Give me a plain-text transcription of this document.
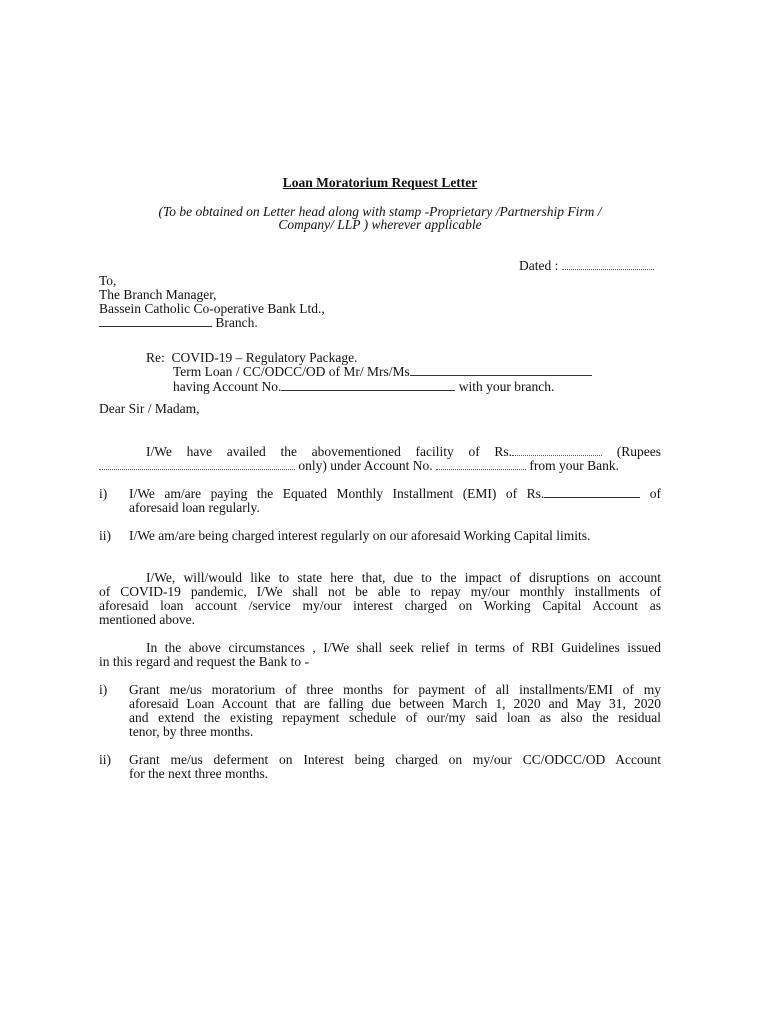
Loan Moratorium Request Letter
(To be obtained on Letter head along with stamp -Proprietary /Partnership Firm /
Company/ LLP ) wherever applicable
Dated :
To,
The Branch Manager,
Bassein Catholic Co-operative Bank Ltd.,
Branch.
Re: COVID-19 – Regulatory Package.
Term Loan / CC/ODCC/OD of Mr/ Mrs/Ms
having Account No.	with your branch.
Dear Sir / Madam,
I/We have availed the abovementioned facility of Rs.	(Rupees
only) under Account No.	from your Bank.
i) I/We am/are paying the Equated Monthly Installment (EMI) of Rs.	of
aforesaid loan regularly.
ii) I/We am/are being charged interest regularly on our aforesaid Working Capital limits.
I/We, will/would like to state here that, due to the impact of disruptions on account
of COVID-19 pandemic, I/We shall not be able to repay my/our monthly installments of
aforesaid loan account /service my/our interest charged on Working Capital Account as
mentioned above.
In the above circumstances , I/We shall seek relief in terms of RBI Guidelines issued
in this regard and request the Bank to -
i) Grant me/us moratorium of three months for payment of all installments/EMI of my
aforesaid Loan Account that are falling due between March 1, 2020 and May 31, 2020
and extend the existing repayment schedule of our/my said loan as also the residual
tenor, by three months.
ii) Grant me/us deferment on Interest being charged on my/our CC/ODCC/OD Account
for the next three months.
